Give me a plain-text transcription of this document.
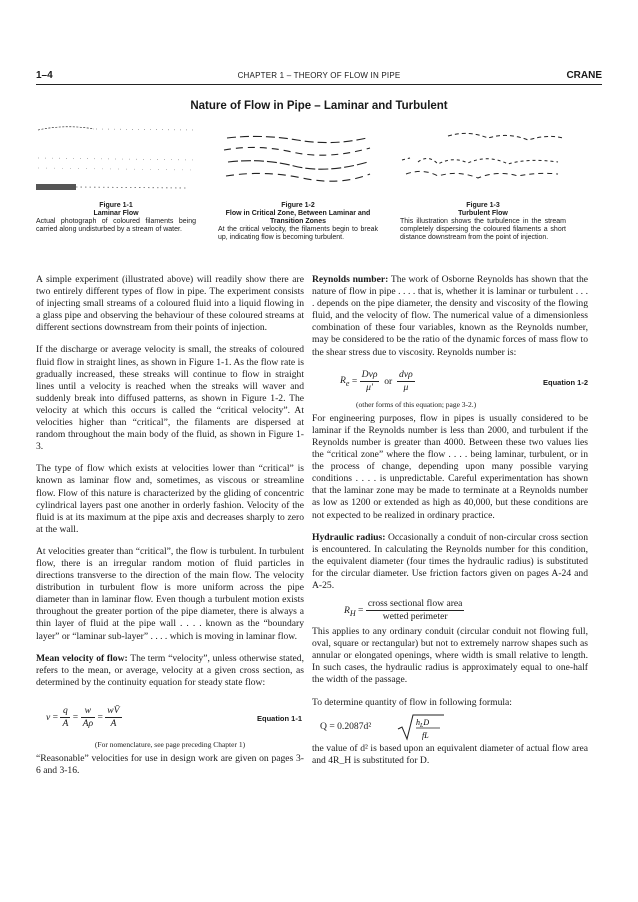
1–4	CHAPTER 1 – THEORY OF FLOW IN PIPE	CRANE
Nature of Flow in Pipe – Laminar and Turbulent
Figure 1-1
Laminar Flow
Actual photograph of coloured filaments being carried along undisturbed by a stream of water.
Figure 1-2
Flow in Critical Zone, Between Laminar and Transition Zones
At the critical velocity, the filaments begin to break up, indicating flow is becoming turbulent.
Figure 1-3
Turbulent Flow
This illustration shows the turbulence in the stream completely dispersing the coloured filaments a short distance downstream from the point of injection.

A simple experiment (illustrated above) will readily show there are two entirely different types of flow in pipe. The experiment consists of injecting small streams of a coloured fluid into a liquid flowing in a glass pipe and observing the behaviour of these coloured streams at different sections downstream from their points of injection.

If the discharge or average velocity is small, the streaks of coloured fluid flow in straight lines, as shown in Figure 1-1. As the flow rate is gradually increased, these streaks will continue to flow in straight lines until a velocity is reached when the streaks will waver and suddenly break into diffused patterns, as shown in Figure 1-2. The velocity at which this occurs is called the “critical velocity”. At velocities higher than “critical”, the filaments are dispersed at random throughout the main body of the fluid, as shown in Figure 1-3.

The type of flow which exists at velocities lower than “critical” is known as laminar flow and, sometimes, as viscous or streamline flow. Flow of this nature is characterized by the gliding of concentric cylindrical layers past one another in orderly fashion. Velocity of the fluid is at its maximum at the pipe axis and decreases sharply to zero at the wall.

At velocities greater than “critical”, the flow is turbulent. In turbulent flow, there is an irregular random motion of fluid particles in directions transverse to the direction of the main flow. The velocity distribution in turbulent flow is more uniform across the pipe diameter than in laminar flow. Even though a turbulent motion exists throughout the greater portion of the pipe diameter, there is always a thin layer of fluid at the pipe wall . . . . known as the “boundary layer” or “laminar sub-layer” . . . . which is moving in laminar flow.

Mean velocity of flow: The term “velocity”, unless otherwise stated, refers to the mean, or average, velocity at a given cross section, as determined by the continuity equation for steady state flow:

$v = \frac{q}{A} = \frac{w}{A\rho} = \frac{wV̄}{A}$	Equation 1-1
(For nomenclature, see page preceding Chapter 1)

“Reasonable” velocities for use in design work are given on pages 3-6 and 3-16.

Reynolds number: The work of Osborne Reynolds has shown that the nature of flow in pipe . . . . that is, whether it is laminar or turbulent . . . . depends on the pipe diameter, the density and viscosity of the flowing fluid, and the velocity of flow. The numerical value of a dimensionless combination of these four variables, known as the Reynolds number, may be considered to be the ratio of the dynamic forces of mass flow to the shear stress due to viscosity. Reynolds number is:

$R_e = \frac{\text{Dvρ}}{\mu'}$ or $\frac{\text{dvρ}}{\mu}$	Equation 1-2
(other forms of this equation; page 3-2.)

For engineering purposes, flow in pipes is usually considered to be laminar if the Reynolds number is less than 2000, and turbulent if the Reynolds number is greater than 4000. Between these two values lies the “critical zone” where the flow . . . . being laminar, turbulent, or in the process of change, depending upon many possible varying conditions . . . . is unpredictable. Careful experimentation has shown that the laminar zone may be made to terminate at a Reynolds number as low as 1200 or extended as high as 40,000, but these conditions are not expected to be realized in ordinary practice.

Hydraulic radius: Occasionally a conduit of non-circular cross section is encountered. In calculating the Reynolds number for this condition, the equivalent diameter (four times the hydraulic radius) is substituted for the circular diameter. Use friction factors given on pages A-24 and A-25.

$R_H = \frac{\text{cross sectional flow area}}{\text{wetted perimeter}}$

This applies to any ordinary conduit (circular conduit not flowing full, oval, square or rectangular) but not to extremely narrow shapes such as annular or elongated openings, where width is small relative to length. In such cases, the hydraulic radius is approximately equal to one-half the width of the passage.

To determine quantity of flow in following formula:

Q = 0.2087d²	$h_LD$
fL

the value of d² is based upon an equivalent diameter of actual flow area and 4R_H is substituted for D.
